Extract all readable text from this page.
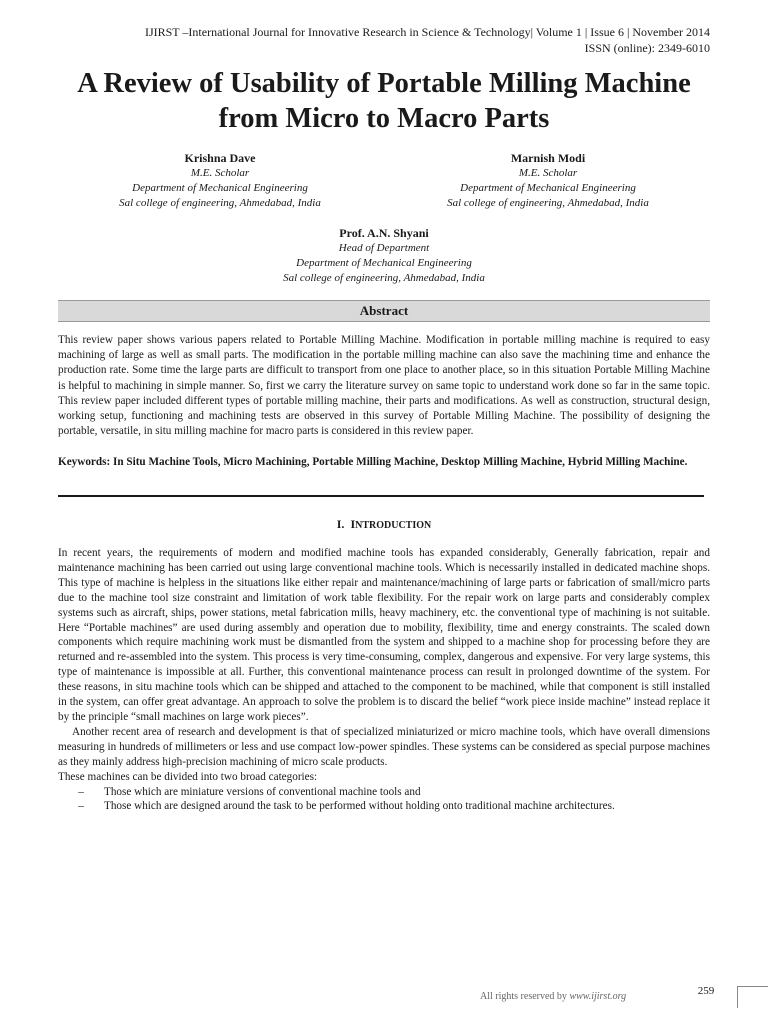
IJIRST –International Journal for Innovative Research in Science & Technology| Volume 1 | Issue 6 | November 2014
ISSN (online): 2349-6010
A Review of Usability of Portable Milling Machine
from Micro to Macro Parts
Krishna Dave
M.E. Scholar
Department of Mechanical Engineering
Sal college of engineering, Ahmedabad, India
Marnish Modi
M.E. Scholar
Department of Mechanical Engineering
Sal college of engineering, Ahmedabad, India
Prof. A.N. Shyani
Head of Department
Department of Mechanical Engineering
Sal college of engineering, Ahmedabad, India
Abstract
This review paper shows various papers related to Portable Milling Machine. Modification in portable milling machine is required to easy machining of large as well as small parts. The modification in the portable milling machine can also save the machining time and enhance the production rate. Some time the large parts are difficult to transport from one place to another place, so in this situation Portable Milling Machine is helpful to machining in simple manner. So, first we carry the literature survey on same topic to understand work done so far in the same topic. This review paper included different types of portable milling machine, their parts and modifications. As well as construction, structural design, working setup, functioning and machining tests are observed in this survey of Portable Milling Machine. The possibility of designing the portable, versatile, in situ milling machine for macro parts is considered in this review paper.
Keywords: In Situ Machine Tools, Micro Machining, Portable Milling Machine, Desktop Milling Machine, Hybrid Milling Machine.
I. INTRODUCTION

In recent years, the requirements of modern and modified machine tools has expanded considerably, Generally fabrication, repair and maintenance machining has been carried out using large conventional machine tools. Which is necessarily installed in dedicated machine shops. This type of machine is helpless in the situations like either repair and maintenance/machining of large parts or fabrication of small/micro parts due to the machine tool size constraint and limitation of work table flexibility. For the repair work on large parts and considerably complex systems such as aircraft, ships, power stations, metal fabrication mills, heavy machinery, etc. the conventional type of machining is not suitable. Here “Portable machines” are used during assembly and operation due to mobility, flexibility, time and energy constraints. The scaled down components which require machining work must be dismantled from the system and shipped to a machine shop for processing before they are returned and re-assembled into the system. This process is very time-consuming, complex, dangerous and expensive. For very large systems, this type of maintenance is impossible at all. Further, this conventional maintenance process can result in prolonged downtime of the system. For these reasons, in situ machine tools which can be shipped and attached to the component to be machined, while that component is still installed in the system, can offer great advantage. An approach to solve the problem is to discard the belief “work piece inside machine” instead replace it by the principle “small machines on large work pieces”.

Another recent area of research and development is that of specialized miniaturized or micro machine tools, which have overall dimensions measuring in hundreds of millimeters or less and use compact low-power spindles. These systems can be considered as special purpose machines as they mainly address high-precision machining of micro scale products.

These machines can be divided into two broad categories:

–	Those which are miniature versions of conventional machine tools and
–	Those which are designed around the task to be performed without holding onto traditional machine architectures.
All rights reserved by www.ijirst.org	259
